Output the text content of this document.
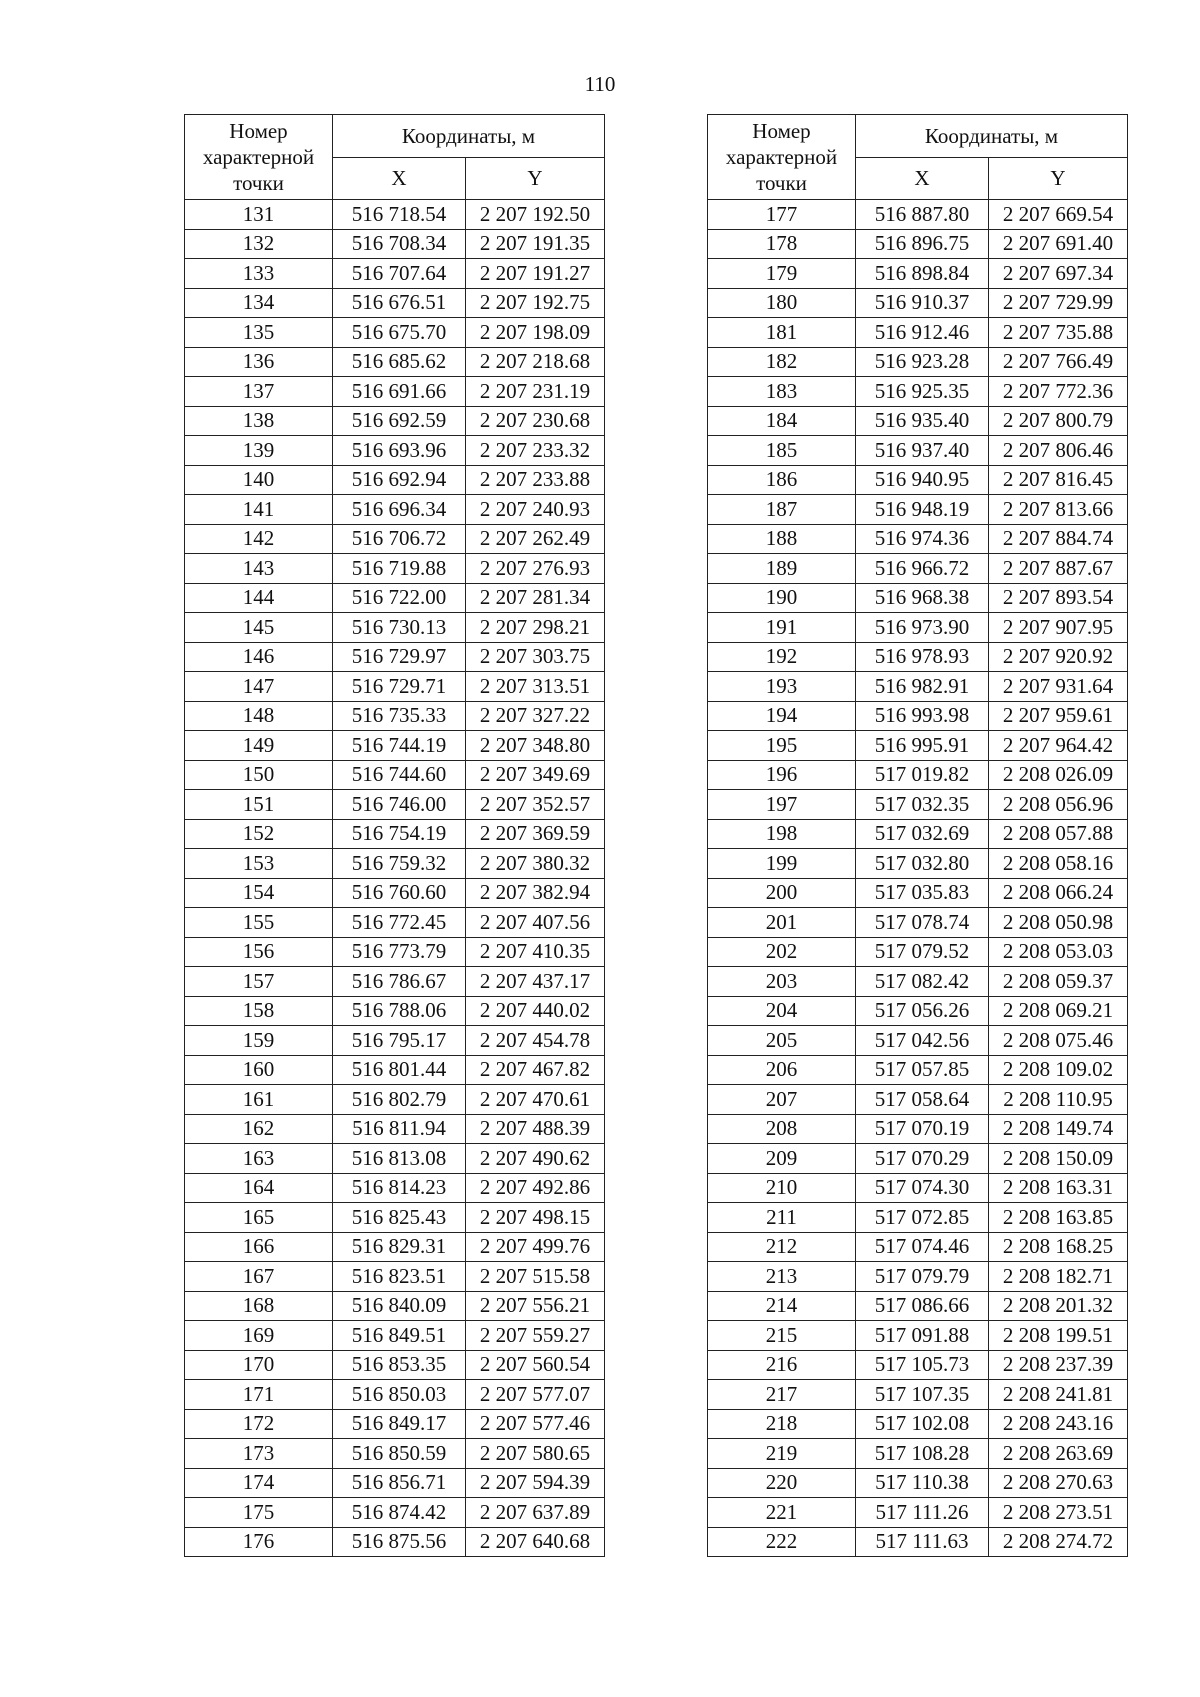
110
Номер характерной точки	Координаты, м	
	X	Y
131	516 718.54	2 207 192.50
132	516 708.34	2 207 191.35
133	516 707.64	2 207 191.27
134	516 676.51	2 207 192.75
135	516 675.70	2 207 198.09
136	516 685.62	2 207 218.68
137	516 691.66	2 207 231.19
138	516 692.59	2 207 230.68
139	516 693.96	2 207 233.32
140	516 692.94	2 207 233.88
141	516 696.34	2 207 240.93
142	516 706.72	2 207 262.49
143	516 719.88	2 207 276.93
144	516 722.00	2 207 281.34
145	516 730.13	2 207 298.21
146	516 729.97	2 207 303.75
147	516 729.71	2 207 313.51
148	516 735.33	2 207 327.22
149	516 744.19	2 207 348.80
150	516 744.60	2 207 349.69
151	516 746.00	2 207 352.57
152	516 754.19	2 207 369.59
153	516 759.32	2 207 380.32
154	516 760.60	2 207 382.94
155	516 772.45	2 207 407.56
156	516 773.79	2 207 410.35
157	516 786.67	2 207 437.17
158	516 788.06	2 207 440.02
159	516 795.17	2 207 454.78
160	516 801.44	2 207 467.82
161	516 802.79	2 207 470.61
162	516 811.94	2 207 488.39
163	516 813.08	2 207 490.62
164	516 814.23	2 207 492.86
165	516 825.43	2 207 498.15
166	516 829.31	2 207 499.76
167	516 823.51	2 207 515.58
168	516 840.09	2 207 556.21
169	516 849.51	2 207 559.27
170	516 853.35	2 207 560.54
171	516 850.03	2 207 577.07
172	516 849.17	2 207 577.46
173	516 850.59	2 207 580.65
174	516 856.71	2 207 594.39
175	516 874.42	2 207 637.89
176	516 875.56	2 207 640.68
Номер характерной точки	Координаты, м	
	X	Y
177	516 887.80	2 207 669.54
178	516 896.75	2 207 691.40
179	516 898.84	2 207 697.34
180	516 910.37	2 207 729.99
181	516 912.46	2 207 735.88
182	516 923.28	2 207 766.49
183	516 925.35	2 207 772.36
184	516 935.40	2 207 800.79
185	516 937.40	2 207 806.46
186	516 940.95	2 207 816.45
187	516 948.19	2 207 813.66
188	516 974.36	2 207 884.74
189	516 966.72	2 207 887.67
190	516 968.38	2 207 893.54
191	516 973.90	2 207 907.95
192	516 978.93	2 207 920.92
193	516 982.91	2 207 931.64
194	516 993.98	2 207 959.61
195	516 995.91	2 207 964.42
196	517 019.82	2 208 026.09
197	517 032.35	2 208 056.96
198	517 032.69	2 208 057.88
199	517 032.80	2 208 058.16
200	517 035.83	2 208 066.24
201	517 078.74	2 208 050.98
202	517 079.52	2 208 053.03
203	517 082.42	2 208 059.37
204	517 056.26	2 208 069.21
205	517 042.56	2 208 075.46
206	517 057.85	2 208 109.02
207	517 058.64	2 208 110.95
208	517 070.19	2 208 149.74
209	517 070.29	2 208 150.09
210	517 074.30	2 208 163.31
211	517 072.85	2 208 163.85
212	517 074.46	2 208 168.25
213	517 079.79	2 208 182.71
214	517 086.66	2 208 201.32
215	517 091.88	2 208 199.51
216	517 105.73	2 208 237.39
217	517 107.35	2 208 241.81
218	517 102.08	2 208 243.16
219	517 108.28	2 208 263.69
220	517 110.38	2 208 270.63
221	517 111.26	2 208 273.51
222	517 111.63	2 208 274.72
